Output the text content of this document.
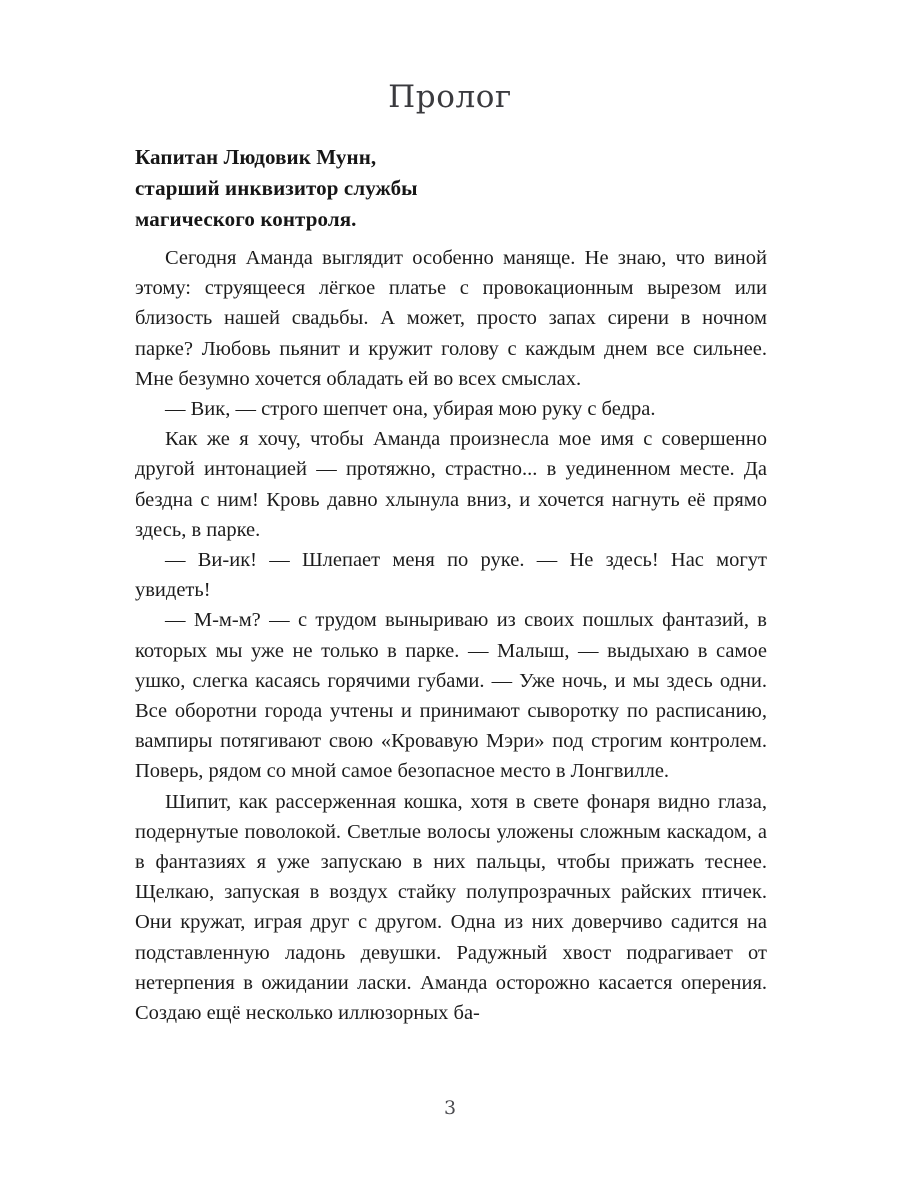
Пролог
Капитан Людовик Мунн,
старший инквизитор службы
магического контроля.

Сегодня Аманда выглядит особенно маняще. Не знаю, что виной этому: струящееся лёгкое платье с провокационным вырезом или близость нашей свадьбы. А может, просто запах сирени в ночном парке? Любовь пьянит и кружит голову с каждым днем все сильнее. Мне безумно хочется обладать ей во всех смыслах.

— Вик, — строго шепчет она, убирая мою руку с бедра.

Как же я хочу, чтобы Аманда произнесла мое имя с совершенно другой интонацией — протяжно, страстно... в уединенном месте. Да бездна с ним! Кровь давно хлынула вниз, и хочется нагнуть её прямо здесь, в парке.

— Ви-ик! — Шлепает меня по руке. — Не здесь! Нас могут увидеть!

— М-м-м? — с трудом выныриваю из своих пошлых фантазий, в которых мы уже не только в парке. — Малыш, — выдыхаю в самое ушко, слегка касаясь горячими губами. — Уже ночь, и мы здесь одни. Все оборотни города учтены и принимают сыворотку по расписанию, вампиры потягивают свою «Кровавую Мэри» под строгим контролем. Поверь, рядом со мной самое безопасное место в Лонгвилле.

Шипит, как рассерженная кошка, хотя в свете фонаря видно глаза, подернутые поволокой. Светлые волосы уложены сложным каскадом, а в фантазиях я уже запускаю в них пальцы, чтобы прижать теснее. Щелкаю, запуская в воздух стайку полупрозрачных райских птичек. Они кружат, играя друг с другом. Одна из них доверчиво садится на подставленную ладонь девушки. Радужный хвост подрагивает от нетерпения в ожидании ласки. Аманда осторожно касается оперения. Создаю ещё несколько иллюзорных ба-

3
